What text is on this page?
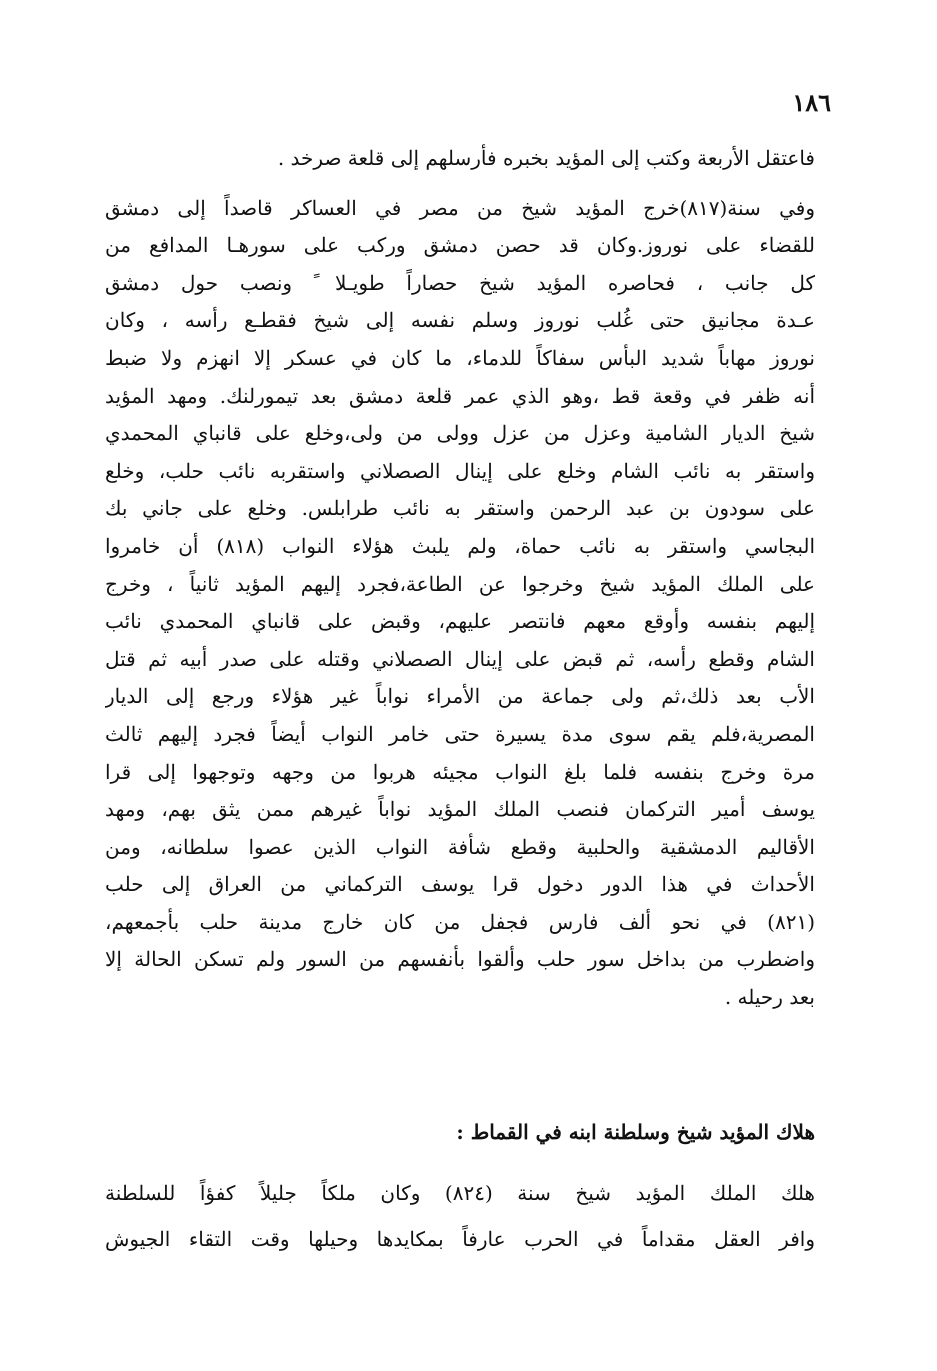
١٨٦
فاعتقل الأربعة وكتب إلى المؤيد بخبره فأرسلهم إلى قلعة صرخد .
وفي سنة(٨١٧)خرج المؤيد شيخ من مصر في العساكر قاصداً إلى دمشق
للقضاء على نوروز.وكان قد حصن دمشق وركب على سورهـا المدافع من
كل جانب ، فحاصره المؤيد شيخ حصاراً طويـلا ً ونصب حول دمشق
عـدة مجانيق حتى غُلب نوروز وسلم نفسه إلى شيخ فقطـع رأسه ، وكان
نوروز مهاباً شديد البأس سفاكاً للدماء، ما كان في عسكر إلا انهزم ولا ضبط
أنه ظفر في وقعة قط ،وهو الذي عمر قلعة دمشق بعد تيمورلنك. ومهد المؤيد
شيخ الديار الشامية وعزل من عزل وولى من ولى،وخلع على قانباي المحمدي
واستقر به نائب الشام وخلع على إينال الصصلاني واستقربه نائب حلب، وخلع
على سودون بن عبد الرحمن واستقر به نائب طرابلس. وخلع على جاني بك
البجاسي واستقر به نائب حماة، ولم يلبث هؤلاء النواب (٨١٨) أن خامروا
على الملك المؤيد شيخ وخرجوا عن الطاعة،فجرد إليهم المؤيد ثانياً ، وخرج
إليهم بنفسه وأوقع معهم فانتصر عليهم، وقبض على قانباي المحمدي نائب
الشام وقطع رأسه، ثم قبض على إينال الصصلاني وقتله على صدر أبيه ثم قتل
الأب بعد ذلك،ثم ولى جماعة من الأمراء نواباً غير هؤلاء ورجع إلى الديار
المصرية،فلم يقم سوى مدة يسيرة حتى خامر النواب أيضاً فجرد إليهم ثالث
مرة وخرج بنفسه فلما بلغ النواب مجيئه هربوا من وجهه وتوجهوا إلى قرا
يوسف أمير التركمان فنصب الملك المؤيد نواباً غيرهم ممن يثق بهم، ومهد
الأقاليم الدمشقية والحلبية وقطع شأفة النواب الذين عصوا سلطانه، ومن
الأحداث في هذا الدور دخول قرا يوسف التركماني من العراق إلى حلب
(٨٢١) في نحو ألف فارس فجفل من كان خارج مدينة حلب بأجمعهم،
واضطرب من بداخل سور حلب وألقوا بأنفسهم من السور ولم تسكن الحالة إلا
بعد رحيله .
هلاك المؤيد شيخ وسلطنة ابنه في القماط :
هلك الملك المؤيد شيخ سنة (٨٢٤) وكان ملكاً جليلاً كفؤاً للسلطنة
وافر العقل مقداماً في الحرب عارفاً بمكايدها وحيلها وقت التقاء الجيوش
